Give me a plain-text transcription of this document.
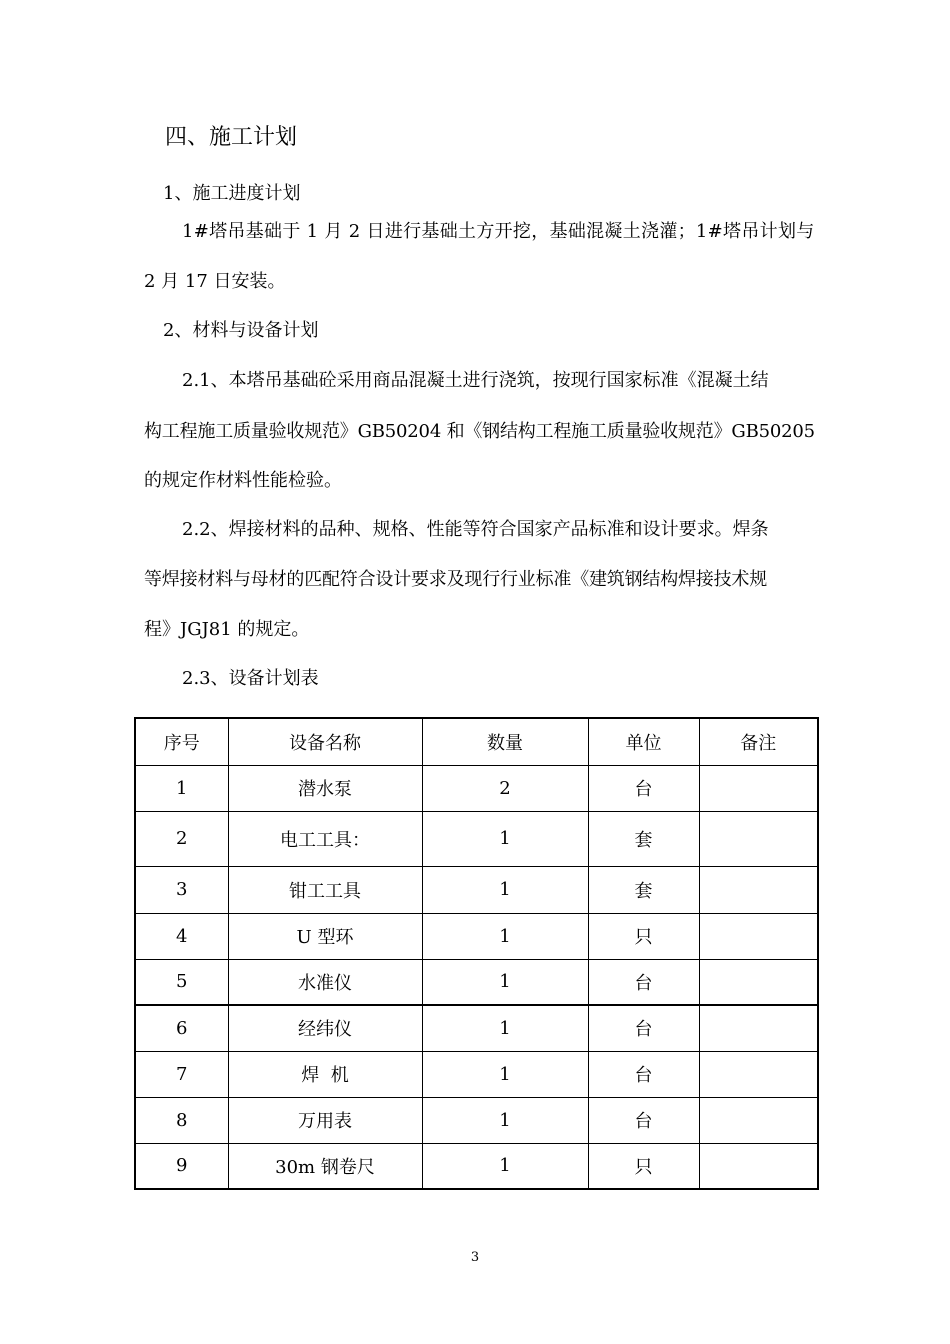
四、施工计划
1、施工进度计划
1#塔吊基础于 1 月 2 日进行基础土方开挖，基础混凝土浇灌；1#塔吊计划与
2 月 17 日安装。
2、材料与设备计划
2.1、本塔吊基础砼采用商品混凝土进行浇筑，按现行国家标准《混凝土结
构工程施工质量验收规范》GB50204 和《钢结构工程施工质量验收规范》GB50205
的规定作材料性能检验。
2.2、焊接材料的品种、规格、性能等符合国家产品标准和设计要求。焊条
等焊接材料与母材的匹配符合设计要求及现行行业标准《建筑钢结构焊接技术规
程》JGJ81 的规定。
2.3、设备计划表
序号	设备名称	数量	单位	备注
1	潜水泵	2	台	
2	电工工具：	1	套	
3	钳工工具	1	套	
4	U 型环	1	只	
5	水准仪	1	台	
6	经纬仪	1	台	
7	焊  机	1	台	
8	万用表	1	台	
9	30m 钢卷尺	1	只	
3
